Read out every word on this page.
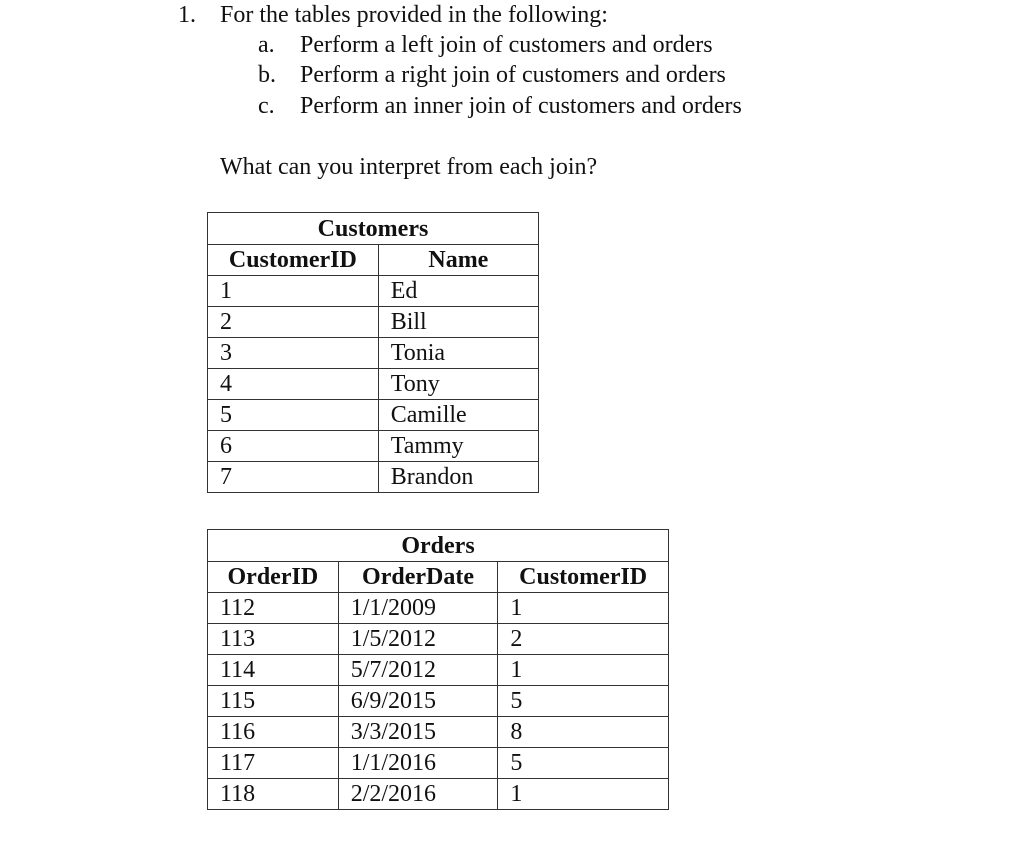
1. For the tables provided in the following:
a. Perform a left join of customers and orders
b. Perform a right join of customers and orders
c. Perform an inner join of customers and orders
What can you interpret from each join?
Customers	
CustomerID	Name
1	Ed
2	Bill
3	Tonia
4	Tony
5	Camille
6	Tammy
7	Brandon
Orders		
OrderID	OrderDate	CustomerID
112	1/1/2009	1
113	1/5/2012	2
114	5/7/2012	1
115	6/9/2015	5
116	3/3/2015	8
117	1/1/2016	5
118	2/2/2016	1
